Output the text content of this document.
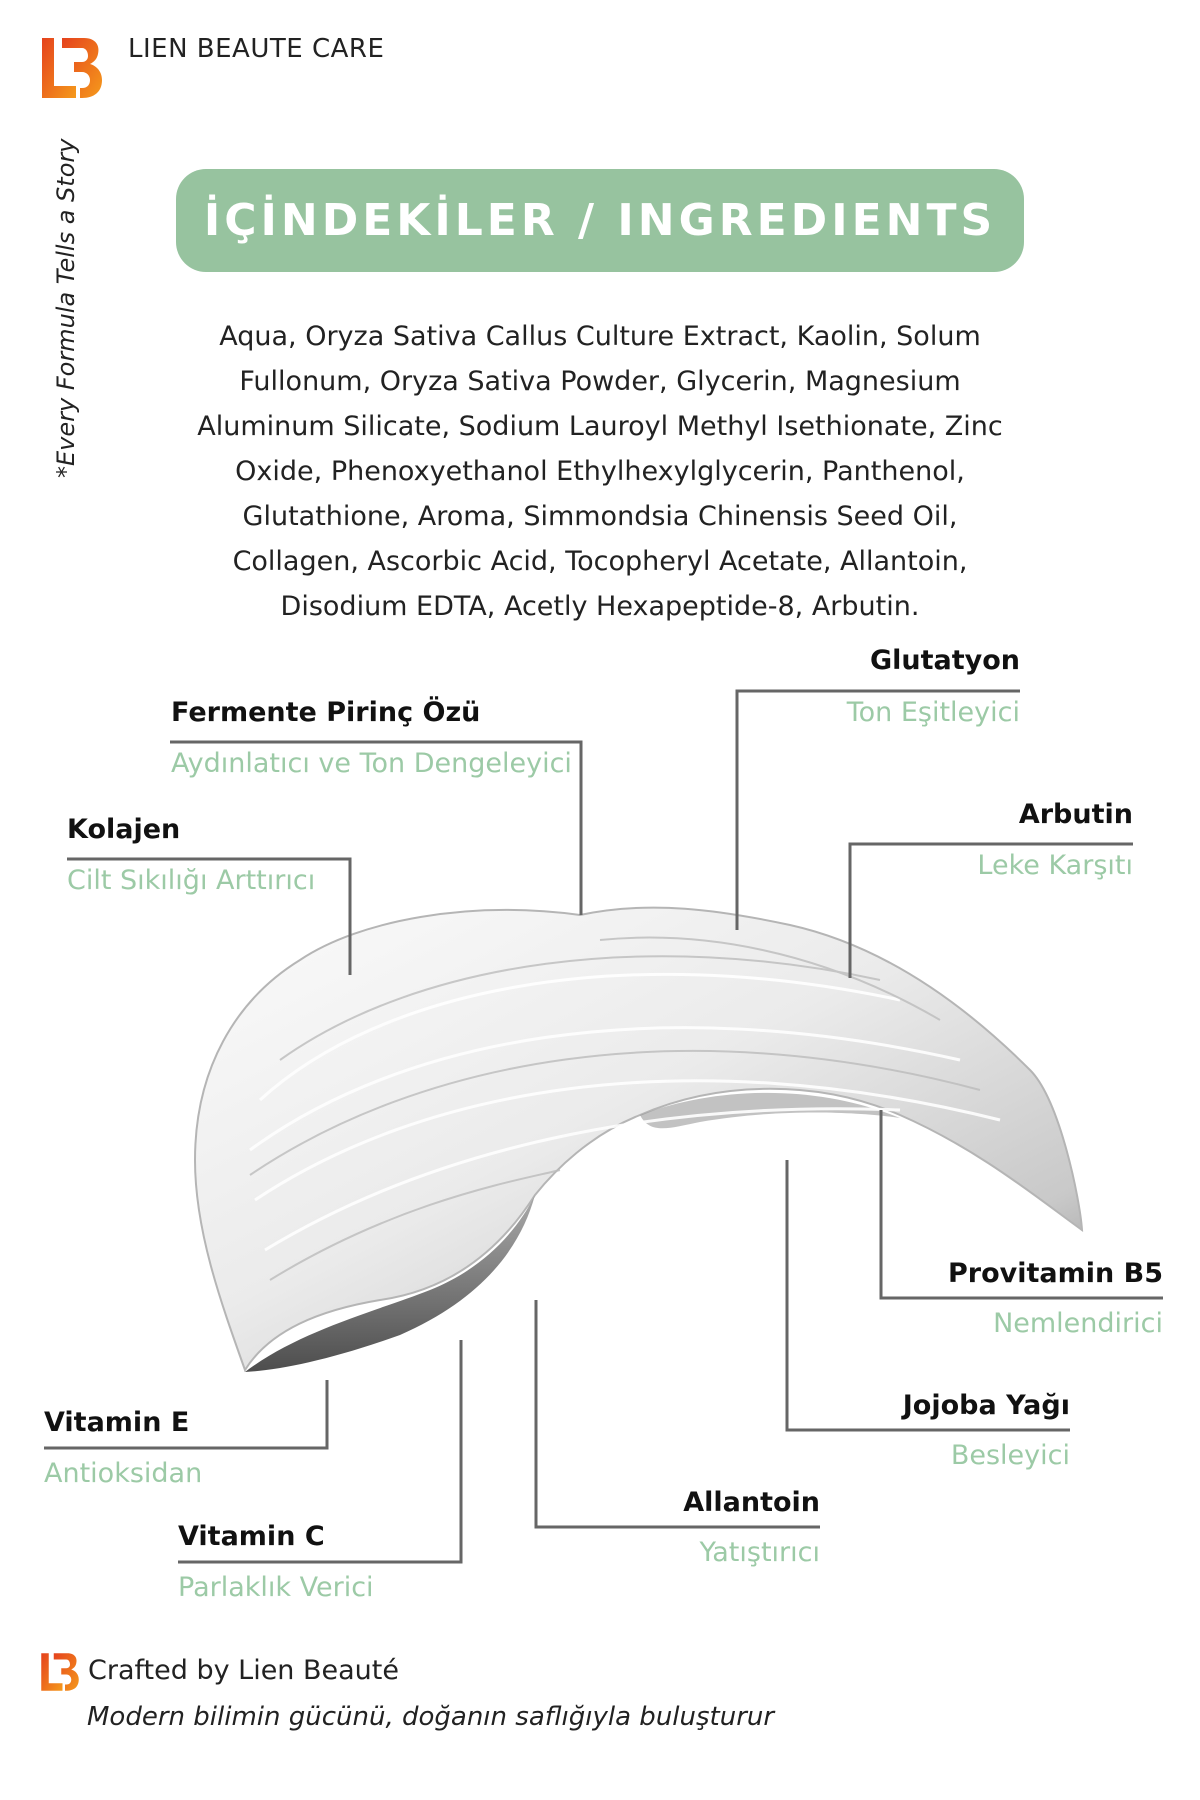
LIEN BEAUTE CARE
*Every Formula Tells a Story	İÇİNDEKİLER / INGREDIENTS
Aqua, Oryza Sativa Callus Culture Extract, Kaolin, Solum
Fullonum, Oryza Sativa Powder, Glycerin, Magnesium
Aluminum Silicate, Sodium Lauroyl Methyl Isethionate, Zinc
Oxide, Phenoxyethanol Ethylhexylglycerin, Panthenol,
Glutathione, Aroma, Simmondsia Chinensis Seed Oil,
Collagen, Ascorbic Acid, Tocopheryl Acetate, Allantoin,
Disodium EDTA, Acetly Hexapeptide-8, Arbutin.
Glutatyon
Ton Eşitleyici
Fermente Pirinç Özü
Aydınlatıcı ve Ton Dengeleyici
Arbutin
Leke Karşıtı
Kolajen
Cilt Sıkılığı Arttırıcı
Provitamin B5
Nemlendirici
Jojoba Yağı
Besleyici
Vitamin E
Antioksidan
Allantoin
Yatıştırıcı
Vitamin C
Parlaklık Verici
Crafted by Lien Beauté
Modern bilimin gücünü, doğanın saflığıyla buluşturur
